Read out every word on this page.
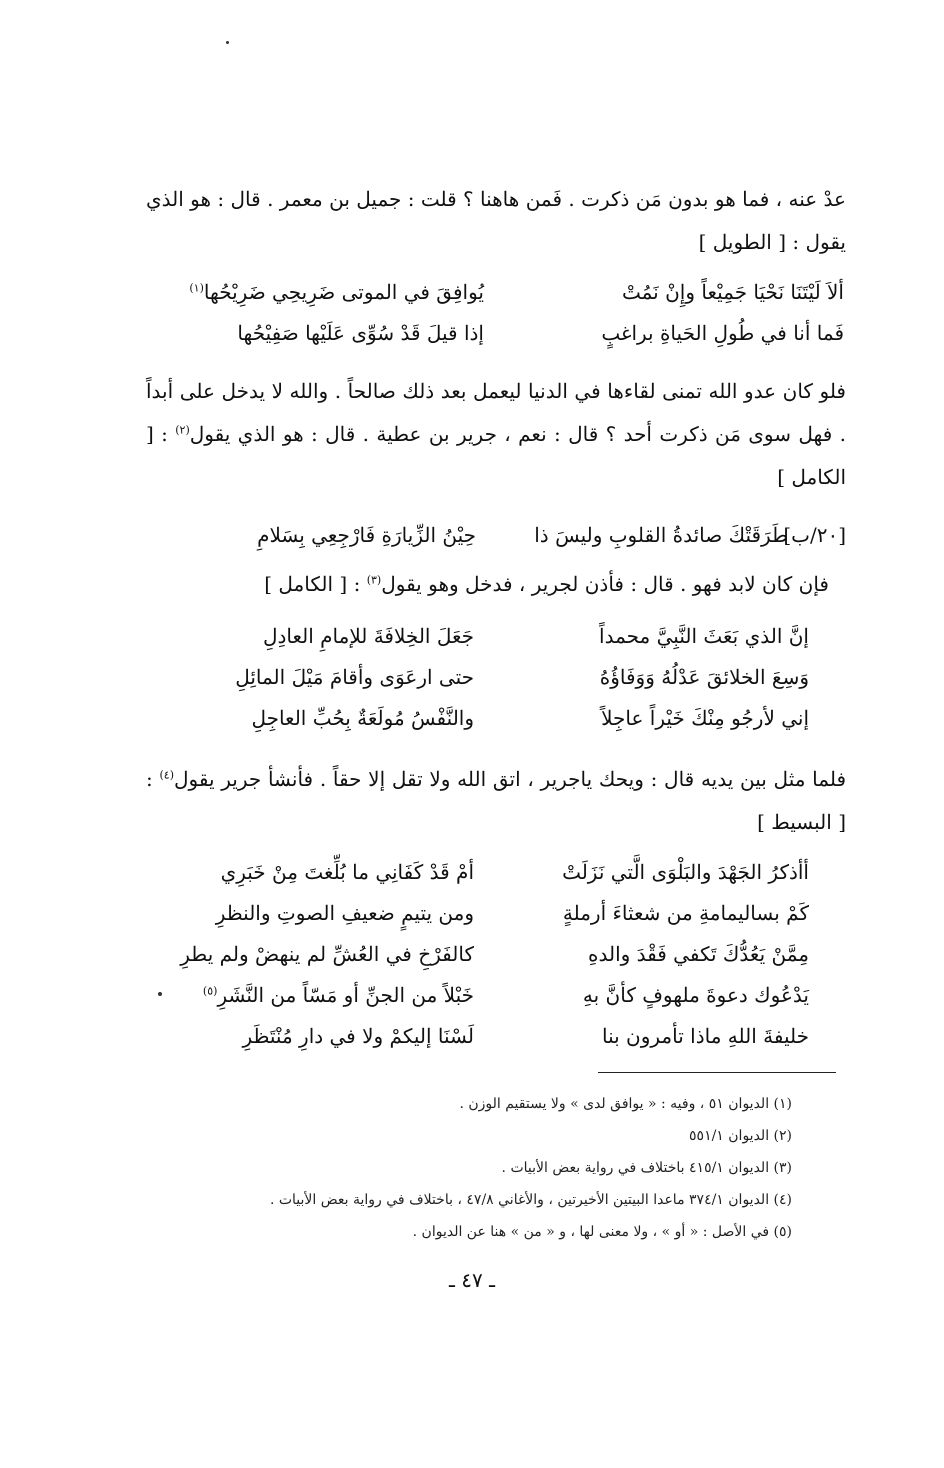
عدْ عنه ، فما هو بدون مَن ذكرت . فَمن هاهنا ؟ قلت : جميل بن معمر . قال : هو الذي يقول : [ الطويل ]

ألاَ لَيْتَنَا نَحْيَا جَمِيْعاً وإِنْ نَمُتْ
يُوافِقَ في الموتى ضَرِيحِي ضَرِيْحُها$^{(١)}$
فَما أنا في طُولِ الحَياةِ براغبٍ
إذا قيلَ قَدْ سُوِّى عَلَيْها صَفِيْحُها

فلو كان عدو الله تمنى لقاءها في الدنيا ليعمل بعد ذلك صالحاً . والله لا يدخل على أبداً . فهل سوى مَن ذكرت أحد ؟ قال : نعم ، جرير بن عطية . قال : هو الذي يقول$^{(٢)}$ : [ الكامل ]

[٢٠/ب]
طَرَقَتْكَ صائدةُ القلوبِ وليسَ ذا
حِيْنُ الزِّيارَةِ فَارْجِعِي بِسَلامِ

فإن كان لابد فهو . قال : فأذن لجرير ، فدخل وهو يقول$^{(٣)}$ : [ الكامل ]

إنَّ الذي بَعَثَ النَّبِيَّ محمداً
جَعَلَ الخِلافَةَ للإمامِ العادِلِ
وَسِعَ الخلائقَ عَدْلُهُ وَوَفَاؤُهُ
حتى ارعَوَى وأقامَ مَيْلَ المائِلِ
إني لأرجُو مِنْكَ خَيْراً عاجِلاً
والنَّفْسُ مُولَعَةٌ بِحُبِّ العاجِلِ

فلما مثل بين يديه قال : ويحك ياجرير ، اتق الله ولا تقل إلا حقاً . فأنشأ جرير يقول$^{(٤)}$ : [ البسيط ]

أأذكرُ الجَهْدَ والبَلْوَى الَّتي نَزَلَتْ
أمْ قَدْ كَفَانِي ما بُلِّغتَ مِنْ خَبَرِي
كَمْ بساليمامةِ من شعثاءَ أرملةٍ
ومن يتيمٍ ضعيفِ الصوتِ والنظرِ
مِمَّنْ يَعُدُّكَ تَكفي فَقْدَ والدهِ
كالفَرْخِ في العُشِّ لم ينهضْ ولم يطرِ
يَدْعُوك دعوةَ ملهوفٍ كأنَّ بهِ
خَبْلاً من الجنِّ أو مَسّاً من النَّشَرِ$^{(٥)}$
خليفةَ اللهِ ماذا تأمرون بنا
لَسْنَا إليكمْ ولا في دارِ مُنْتَظَرِ
(١) الديوان ٥١ ، وفيه : « يوافق لدى » ولا يستقيم الوزن .
(٢) الديوان ٥٥١/١
(٣) الديوان ٤١٥/١ باختلاف في رواية بعض الأبيات .
(٤) الديوان ٣٧٤/١ ماعدا البيتين الأخيرتين ، والأغاني ٤٧/٨ ، باختلاف في رواية بعض الأبيات .
(٥) في الأصل : « أو » ، ولا معنى لها ، و « من » هنا عن الديوان .
ـ ٤٧ ـ
